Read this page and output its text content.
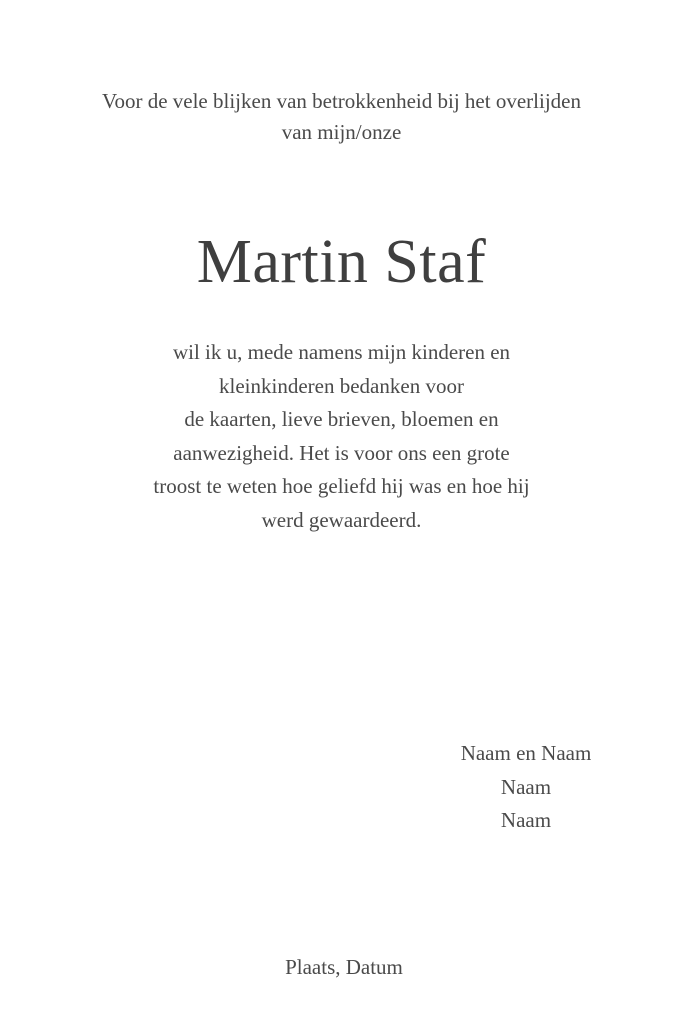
Voor de vele blijken van betrokkenheid bij het overlijden
van mijn/onze
Martin Staf
wil ik u, mede namens mijn kinderen en
kleinkinderen bedanken voor
de kaarten, lieve brieven, bloemen en
aanwezigheid. Het is voor ons een grote
troost te weten hoe geliefd hij was en hoe hij
werd gewaardeerd.
Naam en Naam
Naam
Naam
Plaats, Datum
